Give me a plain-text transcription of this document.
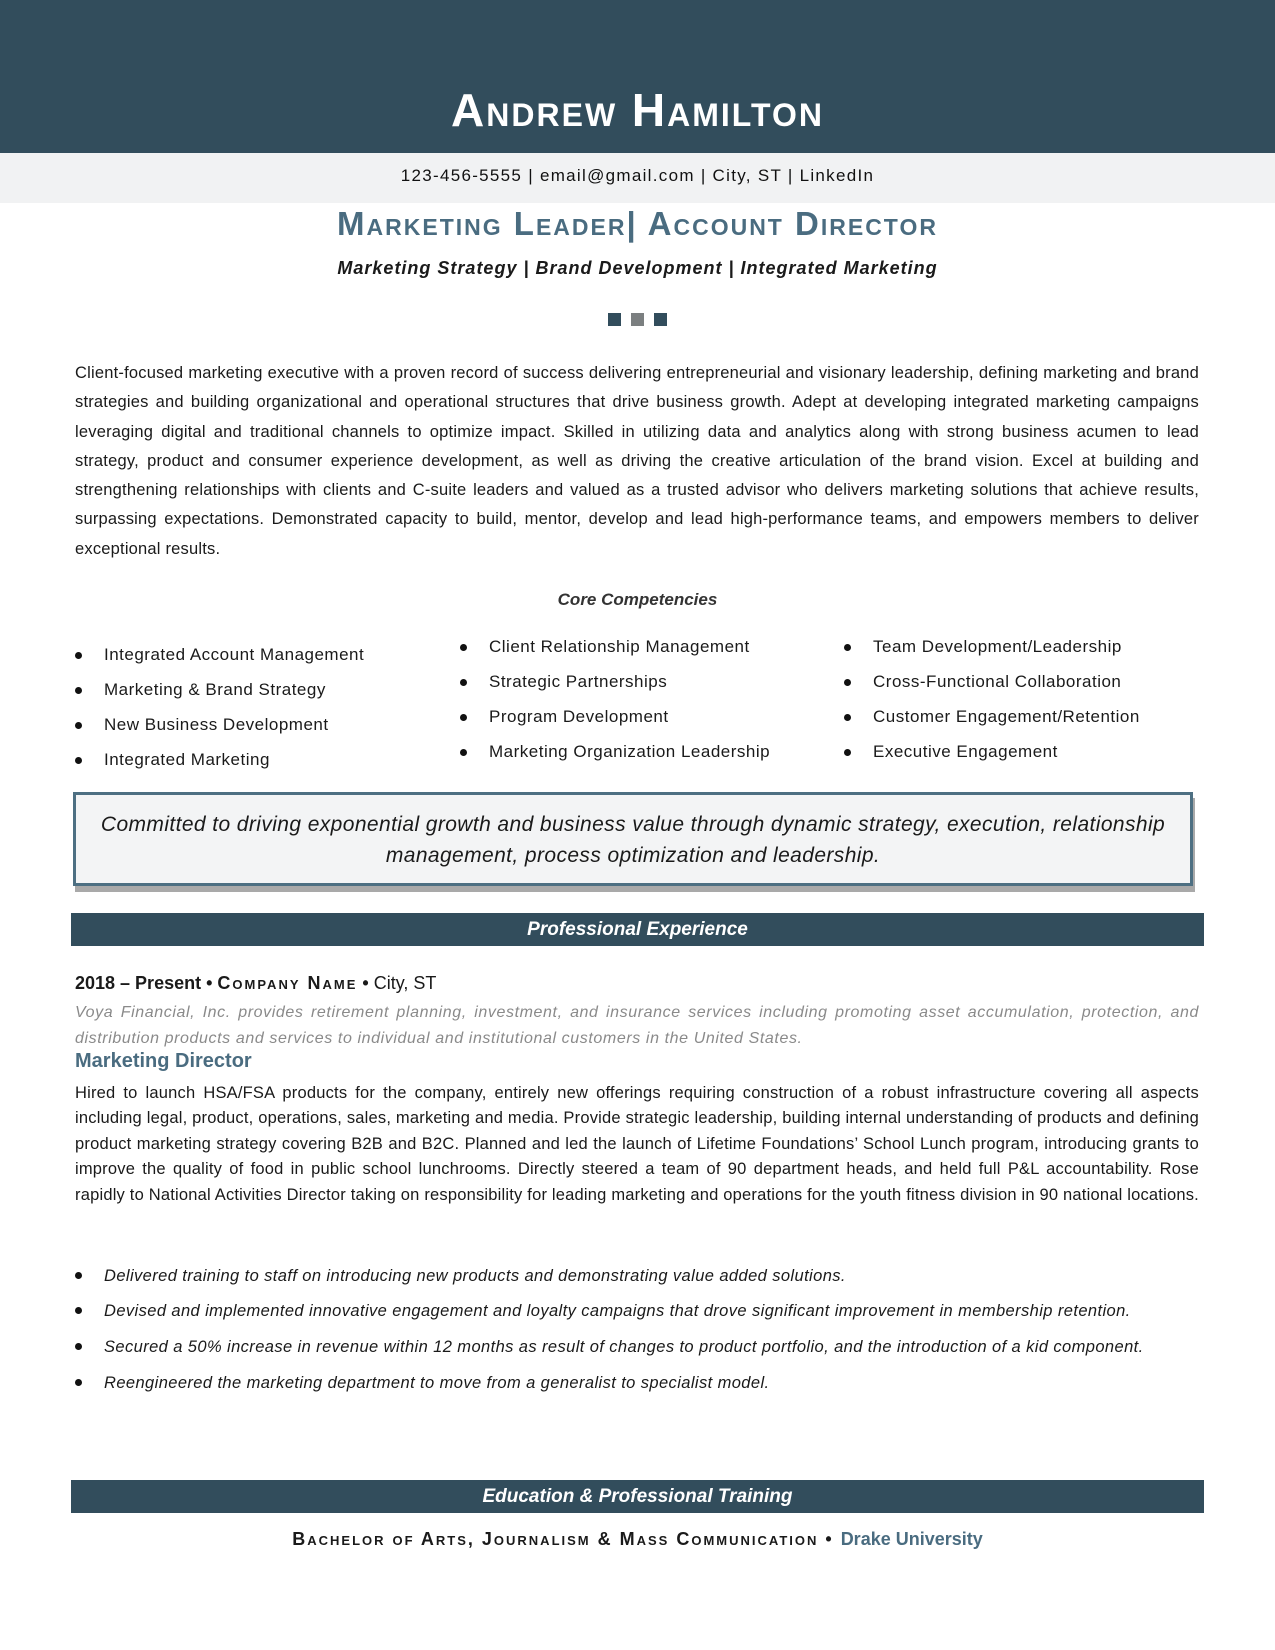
Andrew Hamilton
123-456-5555 | email@gmail.com | City, ST | LinkedIn
Marketing Leader| Account Director
Marketing Strategy | Brand Development | Integrated Marketing
Client-focused marketing executive with a proven record of success delivering entrepreneurial and visionary leadership, defining marketing and brand strategies and building organizational and operational structures that drive business growth. Adept at developing integrated marketing campaigns leveraging digital and traditional channels to optimize impact. Skilled in utilizing data and analytics along with strong business acumen to lead strategy, product and consumer experience development, as well as driving the creative articulation of the brand vision. Excel at building and strengthening relationships with clients and C-suite leaders and valued as a trusted advisor who delivers marketing solutions that achieve results, surpassing expectations. Demonstrated capacity to build, mentor, develop and lead high-performance teams, and empowers members to deliver exceptional results.
Core Competencies
Integrated Account Management
Marketing & Brand Strategy
New Business Development
Integrated Marketing
Client Relationship Management
Strategic Partnerships
Program Development
Marketing Organization Leadership
Team Development/Leadership
Cross-Functional Collaboration
Customer Engagement/Retention
Executive Engagement
Committed to driving exponential growth and business value through dynamic strategy, execution, relationship management, process optimization and leadership.
Professional Experience
2018 – Present • Company Name • City, ST
Voya Financial, Inc. provides retirement planning, investment, and insurance services including promoting asset accumulation, protection, and distribution products and services to individual and institutional customers in the United States.
Marketing Director
Hired to launch HSA/FSA products for the company, entirely new offerings requiring construction of a robust infrastructure covering all aspects including legal, product, operations, sales, marketing and media. Provide strategic leadership, building internal understanding of products and defining product marketing strategy covering B2B and B2C. Planned and led the launch of Lifetime Foundations’ School Lunch program, introducing grants to improve the quality of food in public school lunchrooms. Directly steered a team of 90 department heads, and held full P&L accountability. Rose rapidly to National Activities Director taking on responsibility for leading marketing and operations for the youth fitness division in 90 national locations.
Delivered training to staff on introducing new products and demonstrating value added solutions.
Devised and implemented innovative engagement and loyalty campaigns that drove significant improvement in membership retention.
Secured a 50% increase in revenue within 12 months as result of changes to product portfolio, and the introduction of a kid component.
Reengineered the marketing department to move from a generalist to specialist model.
Education & Professional Training
Bachelor of Arts, Journalism & Mass Communication • Drake University
